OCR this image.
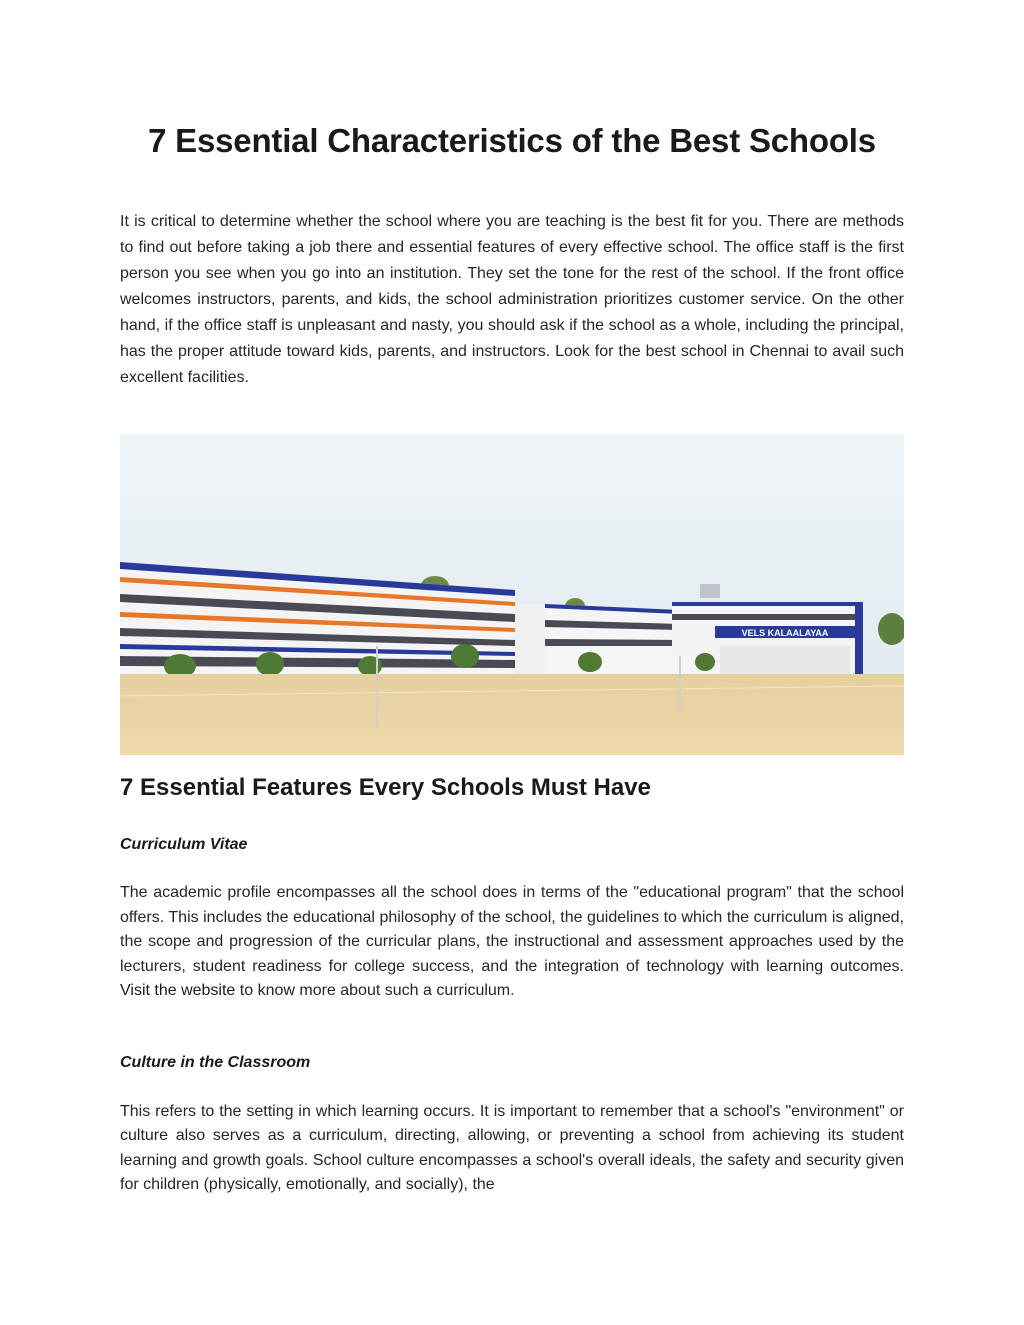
7 Essential Characteristics of the Best Schools

It is critical to determine whether the school where you are teaching is the best fit for you. There are methods to find out before taking a job there and essential features of every effective school. The office staff is the first person you see when you go into an institution. They set the tone for the rest of the school. If the front office welcomes instructors, parents, and kids, the school administration prioritizes customer service. On the other hand, if the office staff is unpleasant and nasty, you should ask if the school as a whole, including the principal, has the proper attitude toward kids, parents, and instructors. Look for the best school in Chennai to avail such excellent facilities.

VELS KALAALAYAA
7 Essential Features Every Schools Must Have

Curriculum Vitae

The academic profile encompasses all the school does in terms of the "educational program" that the school offers. This includes the educational philosophy of the school, the guidelines to which the curriculum is aligned, the scope and progression of the curricular plans, the instructional and assessment approaches used by the lecturers, student readiness for college success, and the integration of technology with learning outcomes. Visit the website to know more about such a curriculum.

Culture in the Classroom

This refers to the setting in which learning occurs. It is important to remember that a school's "environment" or culture also serves as a curriculum, directing, allowing, or preventing a school from achieving its student learning and growth goals. School culture encompasses a school's overall ideals, the safety and security given for children (physically, emotionally, and socially), the
